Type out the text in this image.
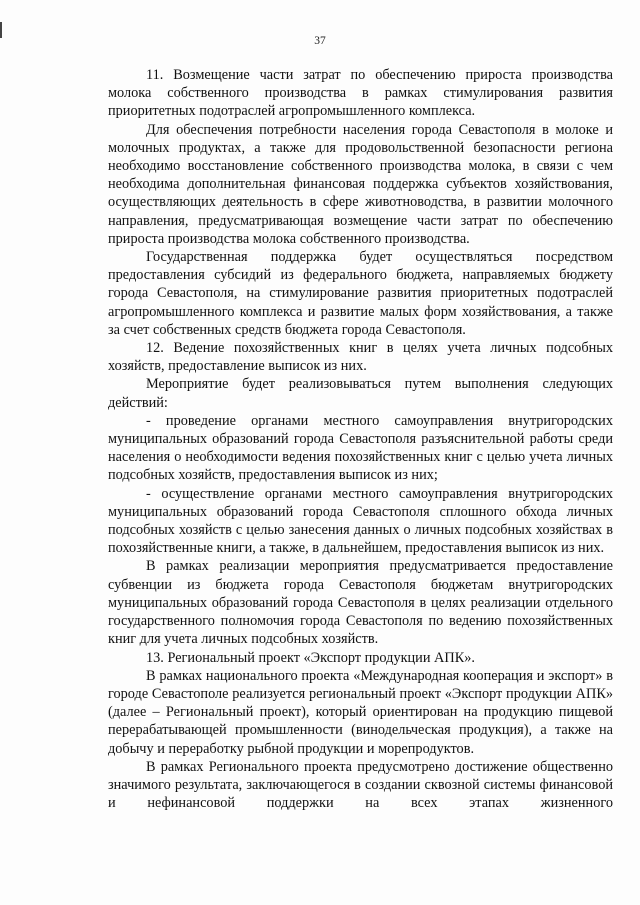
37

11. Возмещение части затрат по обеспечению прироста производства молока собственного производства в рамках стимулирования развития приоритетных подотраслей агропромышленного комплекса.

Для обеспечения потребности населения города Севастополя в молоке и молочных продуктах, а также для продовольственной безопасности региона необходимо восстановление собственного производства молока, в связи с чем необходима дополнительная финансовая поддержка субъектов хозяйствования, осуществляющих деятельность в сфере животноводства, в развитии молочного направления, предусматривающая возмещение части затрат по обеспечению прироста производства молока собственного производства.

Государственная поддержка будет осуществляться посредством предоставления субсидий из федерального бюджета, направляемых бюджету города Севастополя, на стимулирование развития приоритетных подотраслей агропромышленного комплекса и развитие малых форм хозяйствования, а также за счет собственных средств бюджета города Севастополя.

12. Ведение похозяйственных книг в целях учета личных подсобных хозяйств, предоставление выписок из них.

Мероприятие будет реализовываться путем выполнения следующих действий:

- проведение органами местного самоуправления внутригородских муниципальных образований города Севастополя разъяснительной работы среди населения о необходимости ведения похозяйственных книг с целью учета личных подсобных хозяйств, предоставления выписок из них;

- осуществление органами местного самоуправления внутригородских муниципальных образований города Севастополя сплошного обхода личных подсобных хозяйств с целью занесения данных о личных подсобных хозяйствах в похозяйственные книги, а также, в дальнейшем, предоставления выписок из них.

В рамках реализации мероприятия предусматривается предоставление субвенции из бюджета города Севастополя бюджетам внутригородских муниципальных образований города Севастополя в целях реализации отдельного государственного полномочия города Севастополя по ведению похозяйственных книг для учета личных подсобных хозяйств.

13. Региональный проект «Экспорт продукции АПК».

В рамках национального проекта «Международная кооперация и экспорт» в городе Севастополе реализуется региональный проект «Экспорт продукции АПК» (далее – Региональный проект), который ориентирован на продукцию пищевой перерабатывающей промышленности (винодельческая продукция), а также на добычу и переработку рыбной продукции и морепродуктов.

В рамках Регионального проекта предусмотрено достижение общественно значимого результата, заключающегося в создании сквозной системы финансовой и нефинансовой поддержки на всех этапах жизненного
